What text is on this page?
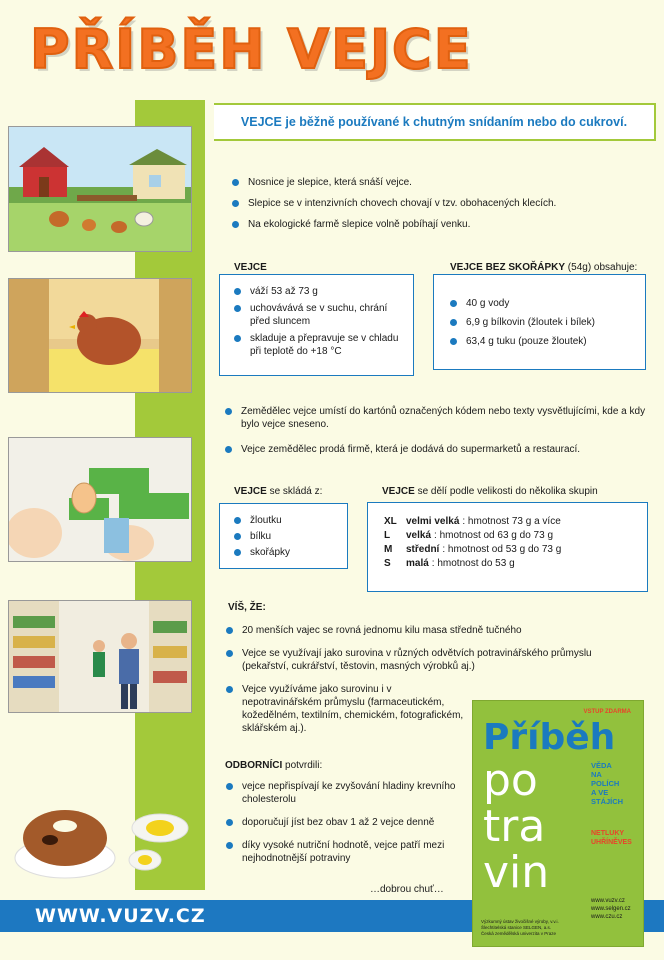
PŘÍBĚH VEJCE
VEJCE je běžně používané k chutným snídaním nebo do cukroví.
Nosnice je slepice, která snáší vejce.
Slepice se v intenzivních chovech chovají v tzv. obohacených klecích.
Na ekologické farmě slepice volně pobíhají venku.
VEJCE
váží 53 až 73 g
uchovávává se v suchu, chrání před sluncem
skladuje a přepravuje se v chladu při teplotě do +18 °C
VEJCE BEZ SKOŘÁPKY (54g) obsahuje:
40 g vody
6,9 g bílkovin (žloutek i bílek)
63,4 g tuku (pouze žloutek)
Zemědělec vejce umístí do kartónů označených kódem nebo texty vysvětlujícími, kde a kdy bylo vejce sneseno.
Vejce zemědělec prodá firmě, která je dodává do supermarketů a restaurací.
VEJCE se skládá z:
žloutku
bílku
skořápky
VEJCE se dělí podle velikosti do několika skupin
XL velmi velká : hmotnost 73 g a více
L	velká : hmotnost od 63 g do 73 g
M	střední : hmotnost od 53 g do 73 g
S	malá : hmotnost do 53 g
VÍŠ, ŽE:
20 menších vajec se rovná jednomu kilu masa středně tučného
Vejce se využívají jako surovina v různých odvětvích potravinářského průmyslu (pekařství, cukrářství, těstovin, masných výrobků aj.)
Vejce využíváme jako surovinu i v nepotravinářském průmyslu (farmaceutickém, kožedělném, textilním, chemickém, fotografickém, sklářském aj.).
ODBORNÍCI potvrdili:
vejce nepřispívají ke zvyšování hladiny krevního cholesterolu
doporučují jíst bez obav 1 až 2 vejce denně
díky vysoké nutriční hodnotě, vejce patří mezi nejhodnotnější potraviny
…dobrou chuť…
WWW.VUZV.CZ
VSTUP ZDARMA
Příběh
po
tra
vin
VĚDA
NA
POLÍCH
A VE
STÁJÍCH
NETLUKY
UHŘÍNĚVES
www.vuzv.cz
www.selgen.cz
www.czu.cz
Výzkumný ústav živočišné výroby, v.v.i.
Šlechtitelská stanice SELGEN, a.s.
Česká zemědělská univerzita v Praze
